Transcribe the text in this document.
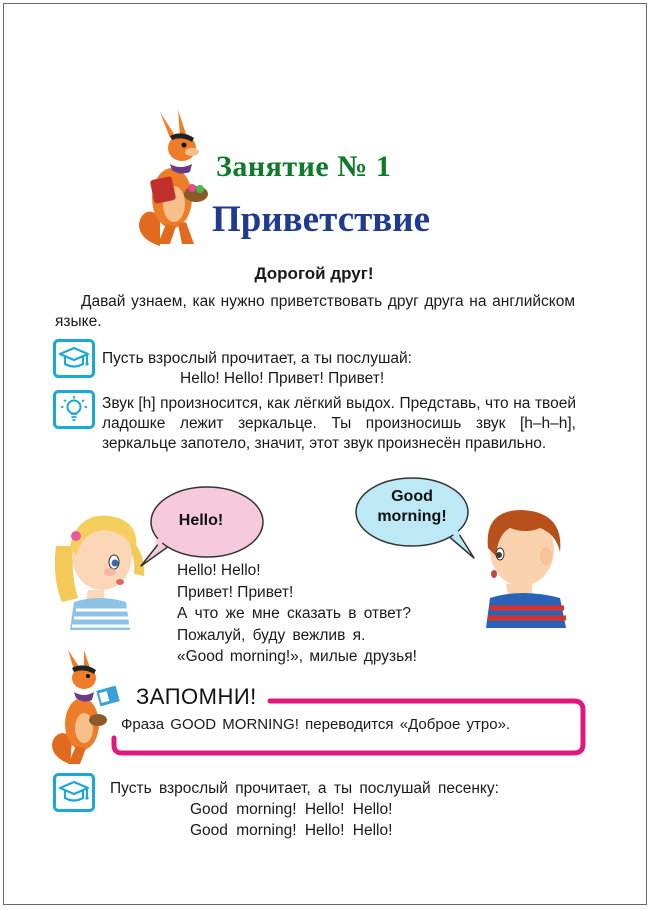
Занятие № 1
Приветствие
Дорогой друг!
Давай узнаем, как нужно приветствовать друг друга на английском языке.
Пусть взрослый прочитает, а ты послушай:
Hello! Hello! Привет! Привет!
Звук [h] произносится, как лёгкий выдох. Представь, что на твоей ладошке лежит зеркальце. Ты произносишь звук [h–h–h], зеркальце запотело, значит, этот звук произнесён правильно.
Hello!
Good
morning!
Hello! Hello!
Привет! Привет!
А что же мне сказать в ответ?
Пожалуй, буду вежлив я.
«Good morning!», милые друзья!
ЗАПОМНИ!
Фраза GOOD MORNING! переводится «Доброе утро».
Пусть взрослый прочитает, а ты послушай песенку:
Good morning! Hello! Hello!
Good morning! Hello! Hello!
